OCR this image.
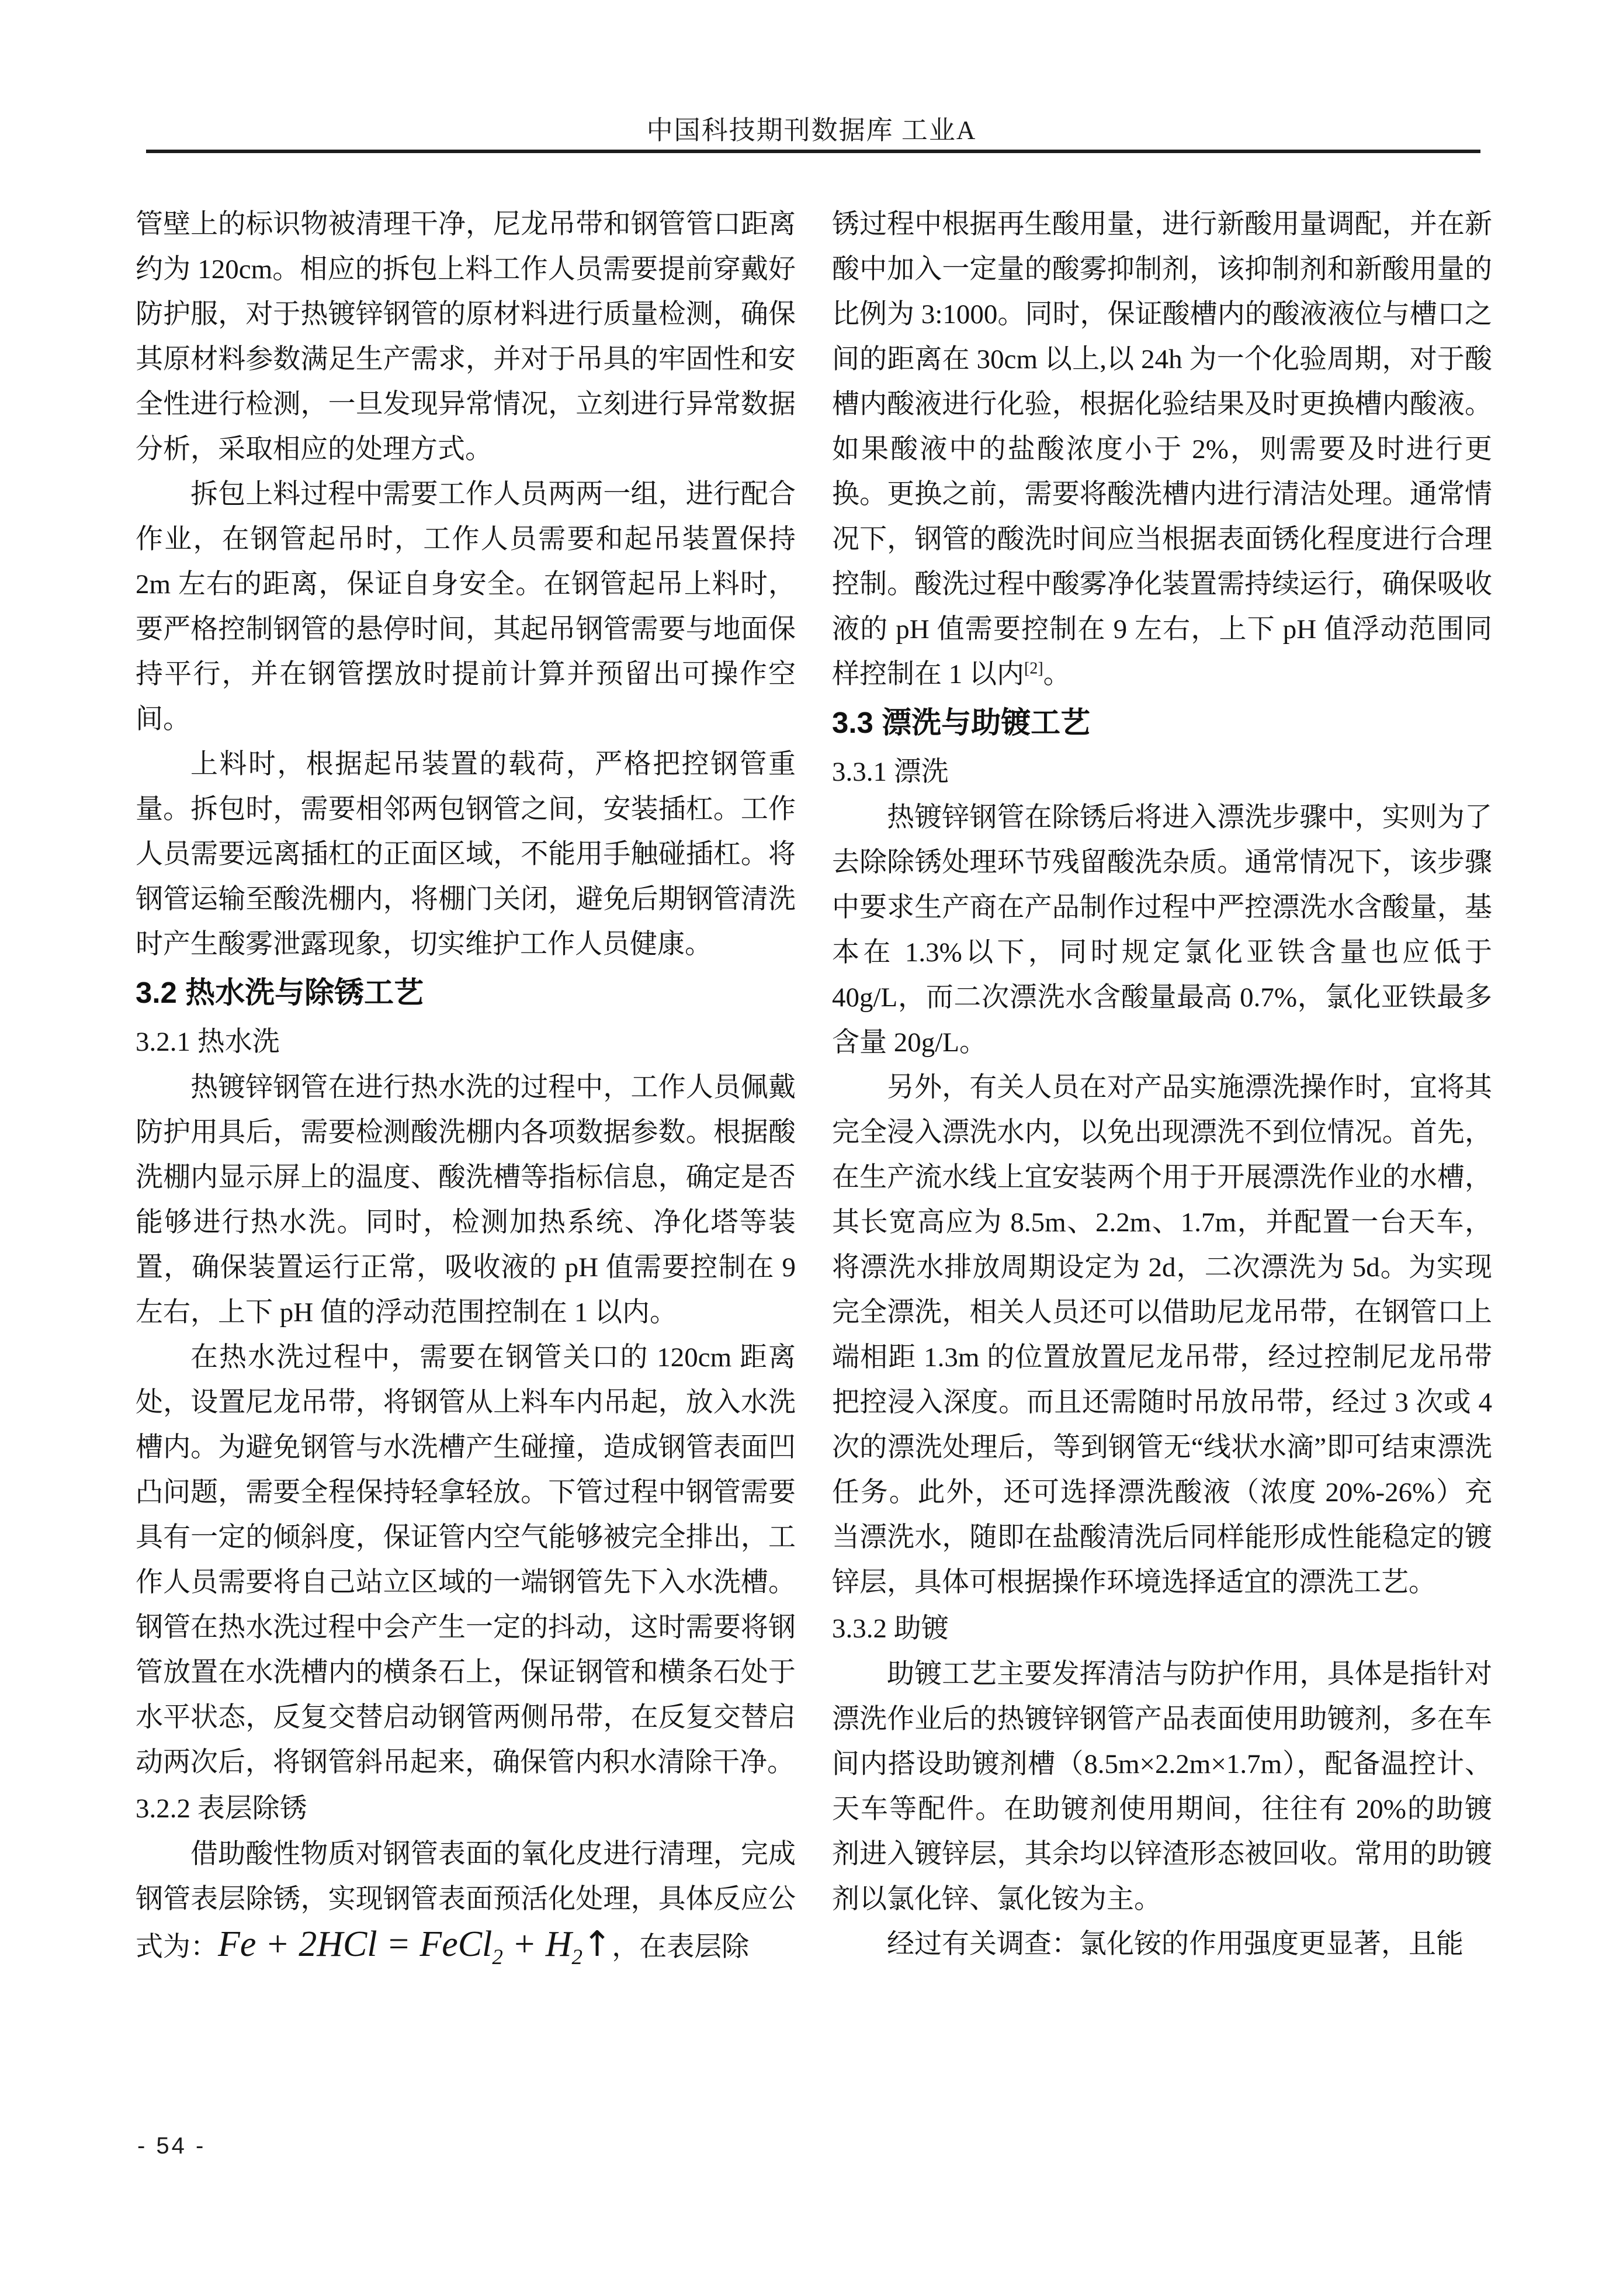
中国科技期刊数据库 工业A
管壁上的标识物被清理干净，尼龙吊带和钢管管口距离约为 120cm。相应的拆包上料工作人员需要提前穿戴好防护服，对于热镀锌钢管的原材料进行质量检测，确保其原材料参数满足生产需求，并对于吊具的牢固性和安全性进行检测，一旦发现异常情况，立刻进行异常数据分析，采取相应的处理方式。
拆包上料过程中需要工作人员两两一组，进行配合作业，在钢管起吊时，工作人员需要和起吊装置保持 2m 左右的距离，保证自身安全。在钢管起吊上料时，要严格控制钢管的悬停时间，其起吊钢管需要与地面保持平行，并在钢管摆放时提前计算并预留出可操作空间。
上料时，根据起吊装置的载荷，严格把控钢管重量。拆包时，需要相邻两包钢管之间，安装插杠。工作人员需要远离插杠的正面区域，不能用手触碰插杠。将钢管运输至酸洗棚内，将棚门关闭，避免后期钢管清洗时产生酸雾泄露现象，切实维护工作人员健康。
3.2 热水洗与除锈工艺
3.2.1 热水洗
热镀锌钢管在进行热水洗的过程中，工作人员佩戴防护用具后，需要检测酸洗棚内各项数据参数。根据酸洗棚内显示屏上的温度、酸洗槽等指标信息，确定是否能够进行热水洗。同时，检测加热系统、净化塔等装置，确保装置运行正常，吸收液的 pH 值需要控制在 9 左右，上下 pH 值的浮动范围控制在 1 以内。
在热水洗过程中，需要在钢管关口的 120cm 距离处，设置尼龙吊带，将钢管从上料车内吊起，放入水洗槽内。为避免钢管与水洗槽产生碰撞，造成钢管表面凹凸问题，需要全程保持轻拿轻放。下管过程中钢管需要具有一定的倾斜度，保证管内空气能够被完全排出，工作人员需要将自己站立区域的一端钢管先下入水洗槽。钢管在热水洗过程中会产生一定的抖动，这时需要将钢管放置在水洗槽内的横条石上，保证钢管和横条石处于水平状态，反复交替启动钢管两侧吊带，在反复交替启动两次后，将钢管斜吊起来，确保管内积水清除干净。
3.2.2 表层除锈
借助酸性物质对钢管表面的氧化皮进行清理，完成钢管表层除锈，实现钢管表面预活化处理，具体反应公式为：Fe + 2HCl = FeCl$_2$ + $H_2↑$，在表层除
锈过程中根据再生酸用量，进行新酸用量调配，并在新酸中加入一定量的酸雾抑制剂，该抑制剂和新酸用量的比例为 3:1000。同时，保证酸槽内的酸液液位与槽口之间的距离在 30cm 以上,以 24h 为一个化验周期，对于酸槽内酸液进行化验，根据化验结果及时更换槽内酸液。如果酸液中的盐酸浓度小于 2%，则需要及时进行更换。更换之前，需要将酸洗槽内进行清洁处理。通常情况下，钢管的酸洗时间应当根据表面锈化程度进行合理控制。酸洗过程中酸雾净化装置需持续运行，确保吸收液的 pH 值需要控制在 9 左右，上下 pH 值浮动范围同样控制在 1 以内[2]。
3.3 漂洗与助镀工艺
3.3.1 漂洗
热镀锌钢管在除锈后将进入漂洗步骤中，实则为了去除除锈处理环节残留酸洗杂质。通常情况下，该步骤中要求生产商在产品制作过程中严控漂洗水含酸量，基本在 1.3%以下，同时规定氯化亚铁含量也应低于 40g/L，而二次漂洗水含酸量最高 0.7%，氯化亚铁最多含量 20g/L。
另外，有关人员在对产品实施漂洗操作时，宜将其完全浸入漂洗水内，以免出现漂洗不到位情况。首先，在生产流水线上宜安装两个用于开展漂洗作业的水槽，其长宽高应为 8.5m、2.2m、1.7m，并配置一台天车，将漂洗水排放周期设定为 2d，二次漂洗为 5d。为实现完全漂洗，相关人员还可以借助尼龙吊带，在钢管口上端相距 1.3m 的位置放置尼龙吊带，经过控制尼龙吊带把控浸入深度。而且还需随时吊放吊带，经过 3 次或 4 次的漂洗处理后，等到钢管无“线状水滴”即可结束漂洗任务。此外，还可选择漂洗酸液（浓度 20%-26%）充当漂洗水，随即在盐酸清洗后同样能形成性能稳定的镀锌层，具体可根据操作环境选择适宜的漂洗工艺。
3.3.2 助镀
助镀工艺主要发挥清洁与防护作用，具体是指针对漂洗作业后的热镀锌钢管产品表面使用助镀剂，多在车间内搭设助镀剂槽（8.5m×2.2m×1.7m），配备温控计、天车等配件。在助镀剂使用期间，往往有 20%的助镀剂进入镀锌层，其余均以锌渣形态被回收。常用的助镀剂以氯化锌、氯化铵为主。
经过有关调查：氯化铵的作用强度更显著，且能
- 54 -
